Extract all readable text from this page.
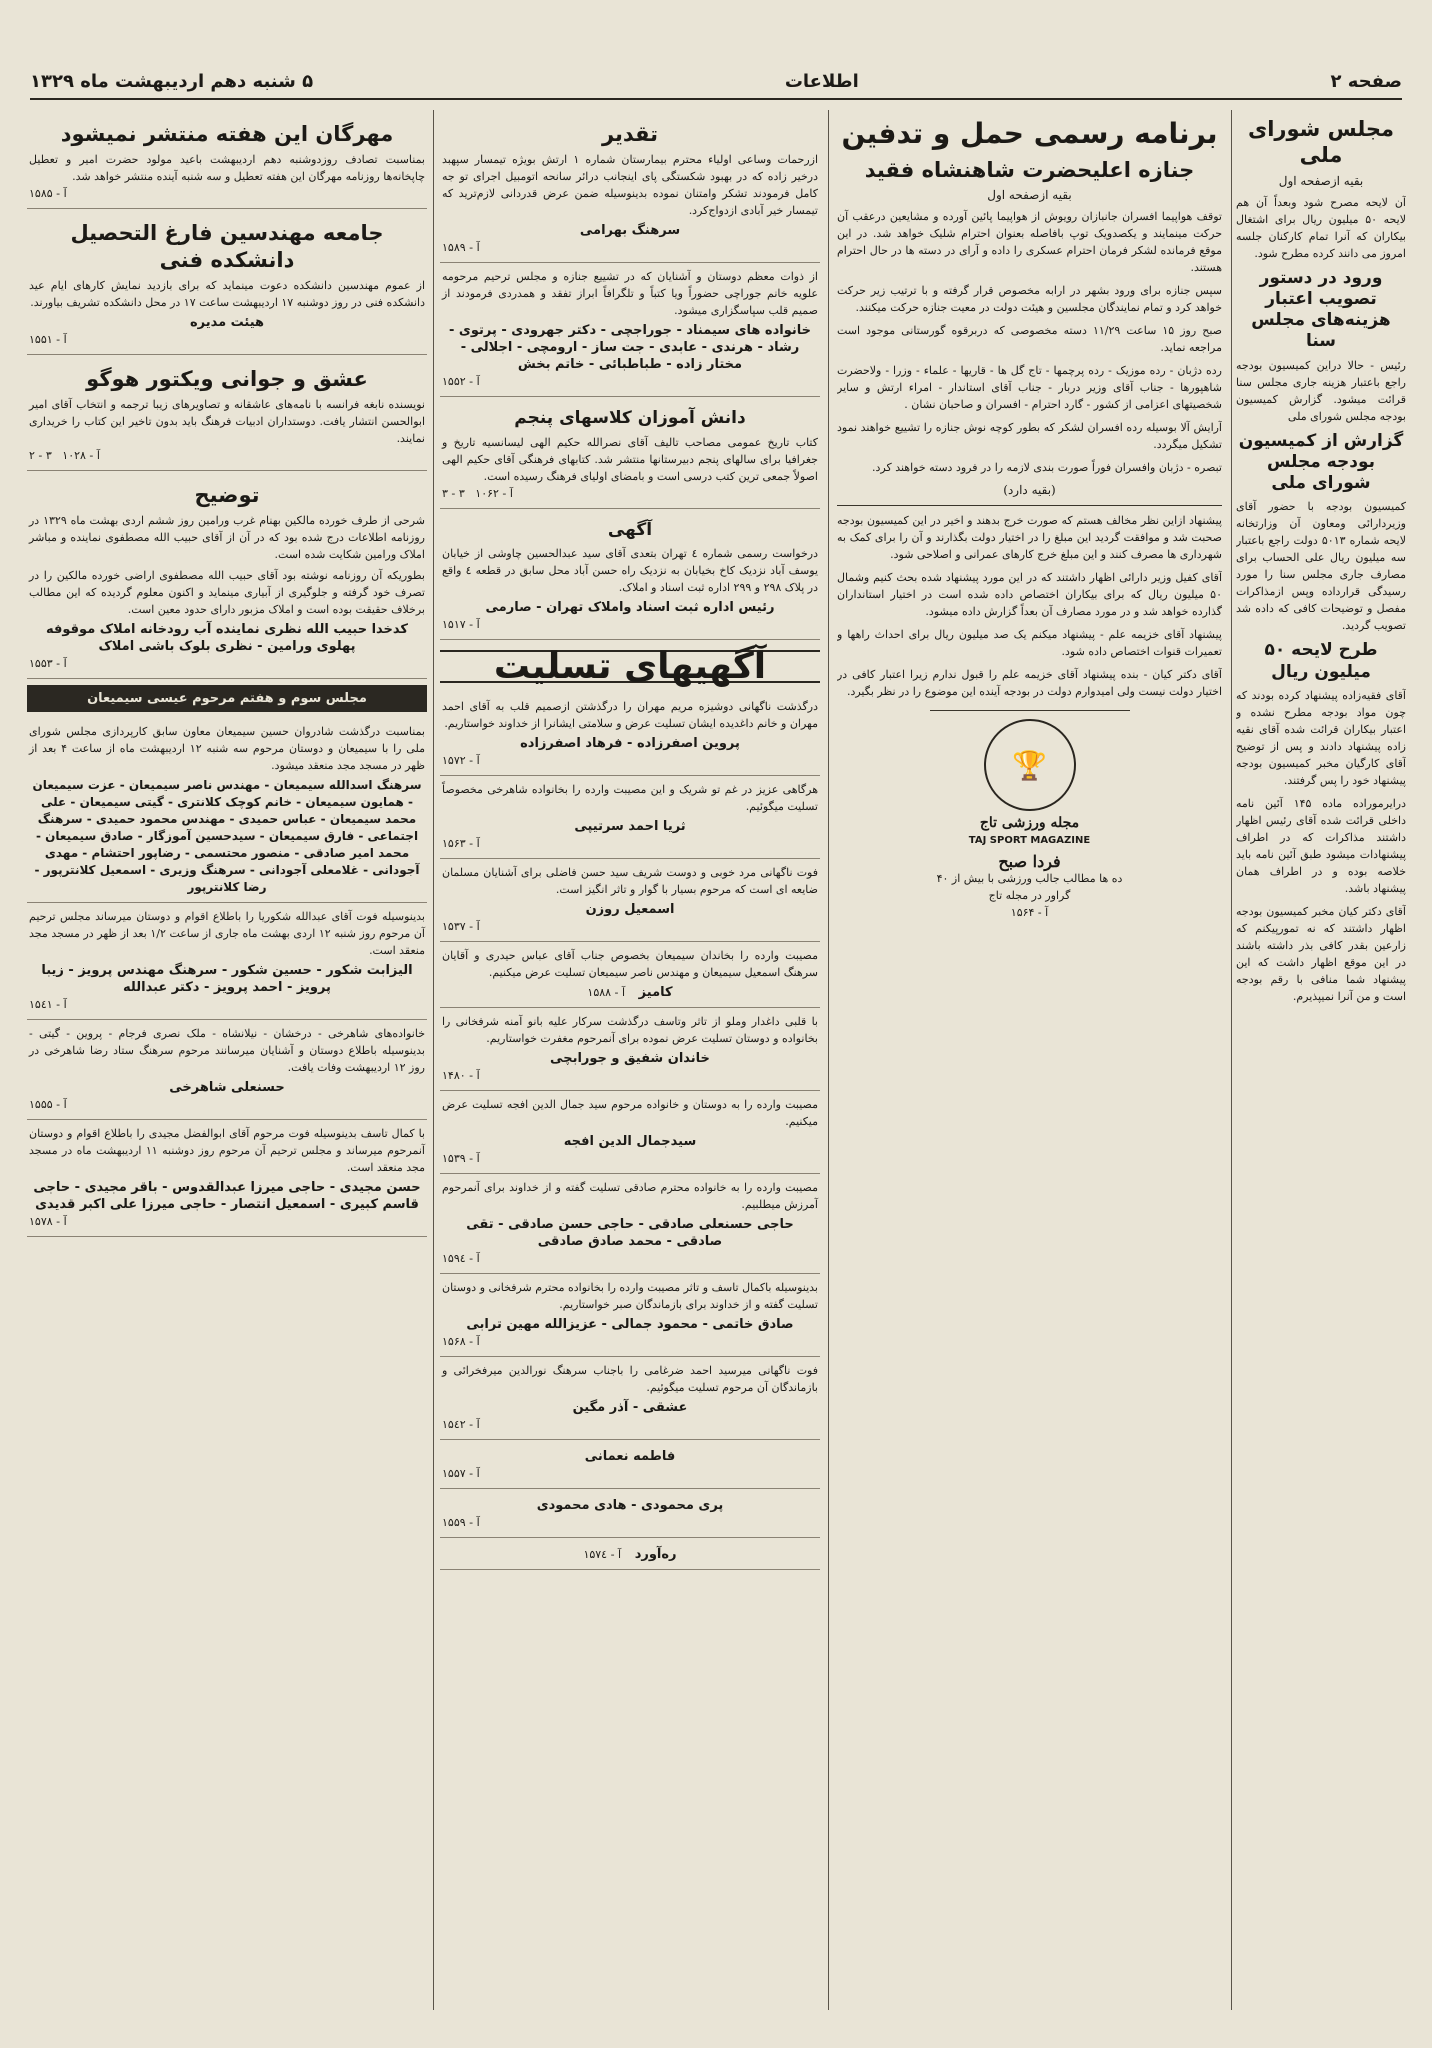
صفحه ۲
اطلاعات
۵ شنبه دهم اردیبهشت ماه ۱۳۲۹
مجلس شورای ملی
بقیه ازصفحه اول

آن لایحه مصرح شود وبعداً آن هم لایحه ۵۰ میلیون ریال برای اشتغال بیکاران که آنرا تمام کارکنان جلسه امروز می دانند کرده مطرح شود.

ورود در دستور تصویب اعتبار هزینه‌های مجلس سنا

رئیس - حالا دراین کمیسیون بودجه راجع باعتبار هزینه جاری مجلس سنا قرائت میشود. گزارش کمیسیون بودجه مجلس شورای ملی

گزارش از کمیسیون بودجه مجلس شورای ملی

کمیسیون بودجه با حضور آقای وزیردارائی ومعاون آن وزارتخانه لایحه شماره ۵۰۱۳ دولت راجع باعتبار سه میلیون ریال علی الحساب برای مصارف جاری مجلس سنا را مورد رسیدگی قرارداده وپس ازمذاکرات مفصل و توضیحات کافی که داده شد تصویب گردید.

طرح لایحه ۵۰ میلیون ریال

آقای فقیه‌زاده پیشنهاد کرده بودند که چون مواد بودجه مطرح نشده و اعتبار بیکاران قرائت شده آقای نقیه زاده پیشنهاد دادند و پس از توضیح آقای کارگیان مخبر کمیسیون بودجه پیشنهاد خود را پس گرفتند.

درایرموراده ماده ۱۴۵ آئین نامه داخلی قرائت شده آقای رئیس اظهار داشتند مذاکرات که در اطراف پیشنهادات میشود طبق آئین نامه باید خلاصه بوده و در اطراف همان پیشنهاد باشد.

آقای دکتر کیان مخبر کمیسیون بودجه اظهار داشتند که نه تمورپیکنم که زارعین بقدر کافی بذر داشته باشند در این موقع اظهار داشت که این پیشنهاد شما منافی با رقم بودجه است و من آنرا نمیپذیرم.

برنامه رسمی حمل و تدفین
جنازه اعلیحضرت شاهنشاه فقید
بقیه ازصفحه اول

توقف هواپیما افسران جانبازان رویوش از هواپیما پائین آورده و مشایعین درعقب آن حرکت مینمایند و یکصدویک توپ بافاصله بعنوان احترام شلیک خواهد شد. در این موقع فرمانده لشکر فرمان احترام عسکری را داده و آرای در دسته ها در حال احترام هستند.

سپس جنازه برای ورود بشهر در ارابه مخصوص قرار گرفته و با ترتیب زیر حرکت خواهد کرد و تمام نمایندگان مجلسین و هیئت دولت در معیت جنازه حرکت میکنند.

صبح روز ۱۵ ساعت ۱۱/۲۹ دسته مخصوصی که دربرقوه گورستانی موجود است مراجعه نماید.

رده دژبان - رده موزیک - رده پرچمها - تاج گل ها - قاریها - علماء - وزرا - ولاحضرت شاهپورها - جناب آقای وزیر دربار - جناب آقای استاندار - امراء ارتش و سایر شخصیتهای اعزامی از کشور - گارد احترام - افسران و صاحبان نشان .

آرایش آلا بوسیله رده افسران لشکر که بطور کوچه نوش جنازه را تشییع خواهند نمود تشکیل میگردد.

تبصره - دژبان وافسران فوراً صورت بندی لازمه را در فرود دسته خواهند کرد.

(بقیه دارد)

پیشنهاد ازاین نظر مخالف هستم که صورت خرج بدهند و اخیر در این کمیسیون بودجه صحبت شد و موافقت گردید این مبلغ را در اختیار دولت بگذارند و آن را برای کمک به شهرداری ها مصرف کنند و این مبلغ خرج کارهای عمرانی و اصلاحی شود.

آقای کفیل وزیر دارائی اظهار داشتند که در این مورد پیشنهاد شده بحث کنیم وشمال ۵۰ میلیون ریال که برای بیکاران اختصاص داده شده است در اختیار استانداران گذارده خواهد شد و در مورد مصارف آن بعداً گزارش داده میشود.

پیشنهاد آقای خزیمه علم - پیشنهاد میکنم یک صد میلیون ریال برای احداث راهها و تعمیرات قنوات اختصاص داده شود.

آقای دکتر کیان - بنده پیشنهاد آقای خزیمه علم را قبول ندارم زیرا اعتبار کافی در اختیار دولت نیست ولی امیدوارم دولت در بودجه آینده این موضوع را در نظر بگیرد.

🏆
مجله ورزشی تاج
TAJ SPORT MAGAZINE
فردا صبح
ده ها مطالب جالب ورزشی با بیش از ۴۰ گراور در مجله تاج
آ - ۱۵۶۴
تقدیر
ازرحمات وساعی اولیاء محترم بیمارستان شماره ۱ ارتش بویژه تیمسار سپهبد درخیر زاده که در بهبود شکستگی پای اینجانب درائر سانحه اتومبیل اجرای تو جه کامل فرمودند تشکر وامتنان نموده بدینوسیله ضمن عرض قدردانی لازم‌ترید که تیمسار خیر آبادی ازدواج‌کرد.
سرهنگ بهرامی
آ - ۱۵۸۹
از ذوات معظم دوستان و آشنایان که در تشییع جنازه و مجلس ترحیم مرحومه علویه خانم جوراچی حضوراً ویا کتباً و تلگرافاً ابراز تفقد و همدردی فرمودند از صمیم قلب سپاسگزاری میشود.
خانواده های سیمناد - جوراجچی - دکتر جهرودی - پرتوی - رشاد - هرندی - عابدی - جت ساز - ارومچی - اجلالی - مختار زاده - طباطبائی - خاتم بخش
آ - ۱۵۵۲
دانش آموزان کلاسهای پنجم
کتاب تاریخ عمومی مصاحب تالیف آقای نصرالله حکیم الهی لیسانسیه تاریخ و جغرافیا برای سالهای پنجم دبیرستانها منتشر شد. کتابهای فرهنگی آقای حکیم الهی اصولاً جمعی ترین کتب درسی است و بامضای اولیای فرهنگ رسیده است.
۳ - ۳ آ - ۱۰۶۲
آگهی
درخواست رسمی شماره ٤ تهران بتعدی آقای سید عبدالحسین چاوشی از خیابان یوسف آباد نزدیک کاخ بخیابان به نزدیک راه حسن آباد محل سابق در قطعه ٤ واقع در پلاک ۲۹۸ و ۲۹۹ اداره ثبت اسناد و املاک.
رئیس اداره ثبت اسناد واملاک تهران - صارمی
آ - ۱۵۱۷
آگهیهای تسلیت
درگذشت ناگهانی دوشیزه مریم مهران را درگذشتن ازصمیم قلب به آقای احمد مهران و خانم داغدیده ایشان تسلیت عرض و سلامتی ایشانرا از خداوند خواستاریم.
پروین اصفرزاده - فرهاد اصفرزاده
آ - ۱۵۷۲
هرگاهی عزیز در غم تو شریک و این مصیبت وارده را بخانواده شاهرخی مخصوصاً تسلیت میگوئیم.
ثریا احمد سرتیپی
آ - ۱۵۶۳
فوت ناگهانی مرد خوبی و دوست شریف سید حسن فاضلی برای آشنایان مسلمان ضایعه ای است که مرحوم بسیار با گوار و تاثر انگیز است.
اسمعیل روزن
آ - ۱۵۳۷
مصیبت وارده را بخاندان سیمیعان بخصوص جناب آقای عباس حیدری و آقایان سرهنگ اسمعیل سیمیعان و مهندس ناصر سیمیعان تسلیت عرض میکنیم.
کامیز   آ - ۱۵۸۸
با قلبی داغدار وملو از تاثر وتاسف درگذشت سرکار علیه بانو آمنه شرفخانی را بخانواده و دوستان تسلیت عرض نموده برای آنمرحوم مغفرت خواستاریم.
خاندان شفیق و جورابچی
آ - ۱۴۸۰
مصیبت وارده را به دوستان و خانواده مرحوم سید جمال الدین افجه تسلیت عرض میکنیم.
سیدجمال الدین افجه
آ - ۱۵۳۹
مصیبت وارده را به خانواده محترم صادقی تسلیت گفته و از خداوند برای آنمرحوم آمرزش میطلبیم.
حاجی حسنعلی صادقی - حاجی حسن صادقی - تقی صادقی - محمد صادق صادقی
آ - ۱۵۹٤
بدینوسیله باکمال تاسف و تاثر مصیبت وارده را بخانواده محترم شرفخانی و دوستان تسلیت گفته و از خداوند برای بازماندگان صبر خواستاریم.
صادق خاتمی - محمود جمالی - عزیزالله مهین ترابی
آ - ۱۵۶۸
فوت ناگهانی میرسید احمد ضرغامی را باجناب سرهنگ نورالدین میرفخرائی و بازماندگان آن مرحوم تسلیت میگوئیم.
عشقی - آذر مگین
آ - ۱۵٤۲
فاطمه نعمانی
آ - ۱۵۵۷
پری محمودی - هادی محمودی
آ - ۱۵۵۹
ره‌آورد   آ - ۱۵۷٤
مهرگان این هفته منتشر نمیشود
بمناسبت تصادف روزدوشنبه دهم اردیبهشت باعید مولود حضرت امیر و تعطیل چاپخانه‌ها روزنامه مهرگان این هفته تعطیل و سه شنبه آینده منتشر خواهد شد.
آ - ۱۵۸۵
جامعه مهندسین فارغ التحصیل دانشکده فنی
از عموم مهندسین دانشکده دعوت مینماید که برای بازدید نمایش کارهای ایام عید دانشکده فنی در روز دوشنبه ۱۷ اردیبهشت ساعت ۱۷ در محل دانشکده تشریف بیاورند.
هیئت مدیره
آ - ۱۵۵۱
عشق و جوانی ویکتور هوگو
نویسنده نابغه فرانسه با نامه‌های عاشقانه و تصاویرهای زیبا ترجمه و انتخاب آقای امیر ابوالحسن انتشار یافت. دوستداران ادبیات فرهنگ باید بدون تاخیر این کتاب را خریداری نمایند.
۲ - ۳ آ - ۱۰۲۸
توضیح
شرحی از طرف خورده مالکین بهنام غرب ورامین روز ششم اردی بهشت ماه ۱۳۲۹ در روزنامه اطلاعات درج شده بود که در آن از آقای حبیب الله مصطفوی نماینده و مباشر املاک ورامین شکایت شده است.
بطوریکه آن روزنامه نوشته بود آقای حبیب الله مصطفوی اراضی خورده مالکین را در تصرف خود گرفته و جلوگیری از آبیاری مینماید و اکنون معلوم گردیده که این مطالب برخلاف حقیقت بوده است و املاک مزبور دارای حدود معین است.
کدخدا حبیب الله نظری نماینده آب رودخانه املاک موقوفه پهلوی ورامین - نظری بلوک باشی املاک
آ - ۱۵۵۳
مجلس سوم و هفتم مرحوم عیسی سیمیعان
بمناسبت درگذشت شادروان حسین سیمیعان معاون سابق کارپردازی مجلس شورای ملی را با سیمیعان و دوستان مرحوم سه شنبه ۱۲ اردیبهشت ماه از ساعت ۴ بعد از ظهر در مسجد مجد منعقد میشود.
سرهنگ اسدالله سیمیعان - مهندس ناصر سیمیعان - عزت سیمیعان - همایون سیمیعان - خانم کوچک کلانتری - گیتی سیمیعان - علی محمد سیمیعان - عباس حمیدی - مهندس محمود حمیدی - سرهنگ اجتماعی - فارق سیمیعان - سیدحسین آموزگار - صادق سیمیعان - محمد امیر صادقی - منصور محتسمی - رضاپور احتشام - مهدی آجودانی - غلامعلی آجودانی - سرهنگ وزیری - اسمعیل کلانترپور - رضا کلانترپور
بدینوسیله فوت آقای عبدالله شکوریا را باطلاع اقوام و دوستان میرساند مجلس ترحیم آن مرحوم روز شنبه ۱۲ اردی بهشت ماه جاری از ساعت ۱/۲ بعد از ظهر در مسجد مجد منعقد است.
الیزابت شکور - حسین شکور - سرهنگ مهندس پرویز - زیبا پرویز - احمد پرویز - دکتر عبدالله
آ - ۱۵٤۱
خانواده‌های شاهرخی - درخشان - نیلانشاه - ملک نصری فرجام - پروین - گیتی - بدینوسیله باطلاع دوستان و آشنایان میرسانند مرحوم سرهنگ ستاد رضا شاهرخی در روز ۱۲ اردیبهشت وفات یافت.
حسنعلی شاهرخی
آ - ۱۵۵۵
با کمال تاسف بدینوسیله فوت مرحوم آقای ابوالفضل مجیدی را باطلاع اقوام و دوستان آنمرحوم میرساند و مجلس ترحیم آن مرحوم روز دوشنبه ۱۱ اردیبهشت ماه در مسجد مجد منعقد است.
حسن مجیدی - حاجی میرزا عبدالقدوس - باقر مجیدی - حاجی قاسم کبیری - اسمعیل انتصار - حاجی میرزا علی اکبر قدیدی
آ - ۱۵۷۸
